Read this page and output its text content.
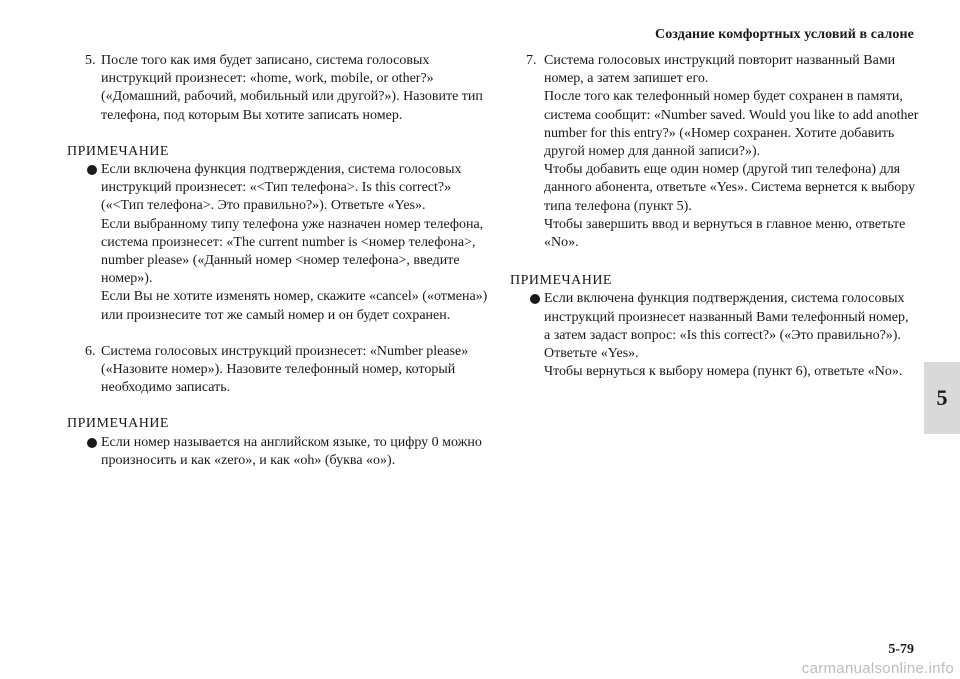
Создание комфортных условий в салоне
5. После того как имя будет записано, система голосовых
инструкций произнесет: «home, work, mobile, or other?»
(«Домашний, рабочий, мобильный или другой?»). Назовите тип
телефона, под которым Вы хотите записать номер.
ПРИМЕЧАНИЕ
Если включена функция подтверждения, система голосовых
инструкций произнесет: «<Тип телефона>. Is this correct?»
(«<Тип телефона>. Это правильно?»). Ответьте «Yes».
Если выбранному типу телефона уже назначен номер телефона,
система произнесет: «The current number is <номер телефона>,
number please» («Данный номер <номер телефона>, введите
номер»).
Если Вы не хотите изменять номер, скажите «cancel» («отмена»)
или произнесите тот же самый номер и он будет сохранен.
6. Система голосовых инструкций произнесет: «Number please»
(«Назовите номер»). Назовите телефонный номер, который
необходимо записать.
ПРИМЕЧАНИЕ
Если номер называется на английском языке, то цифру 0 можно
произносить и как «zero», и как «oh» (буква «o»).
7. Система голосовых инструкций повторит названный Вами
номер, а затем запишет его.
После того как телефонный номер будет сохранен в памяти,
система сообщит: «Number saved. Would you like to add another
number for this entry?» («Номер сохранен. Хотите добавить
другой номер для данной записи?»).
Чтобы добавить еще один номер (другой тип телефона) для
данного абонента, ответьте «Yes». Система вернется к выбору
типа телефона (пункт 5).
Чтобы завершить ввод и вернуться в главное меню, ответьте
«No».
ПРИМЕЧАНИЕ
Если включена функция подтверждения, система голосовых
инструкций произнесет названный Вами телефонный номер,
а затем задаст вопрос: «Is this correct?» («Это правильно?»).
Ответьте «Yes».
Чтобы вернуться к выбору номера (пункт 6), ответьте «No».
5
5-79
carmanualsonline.info
